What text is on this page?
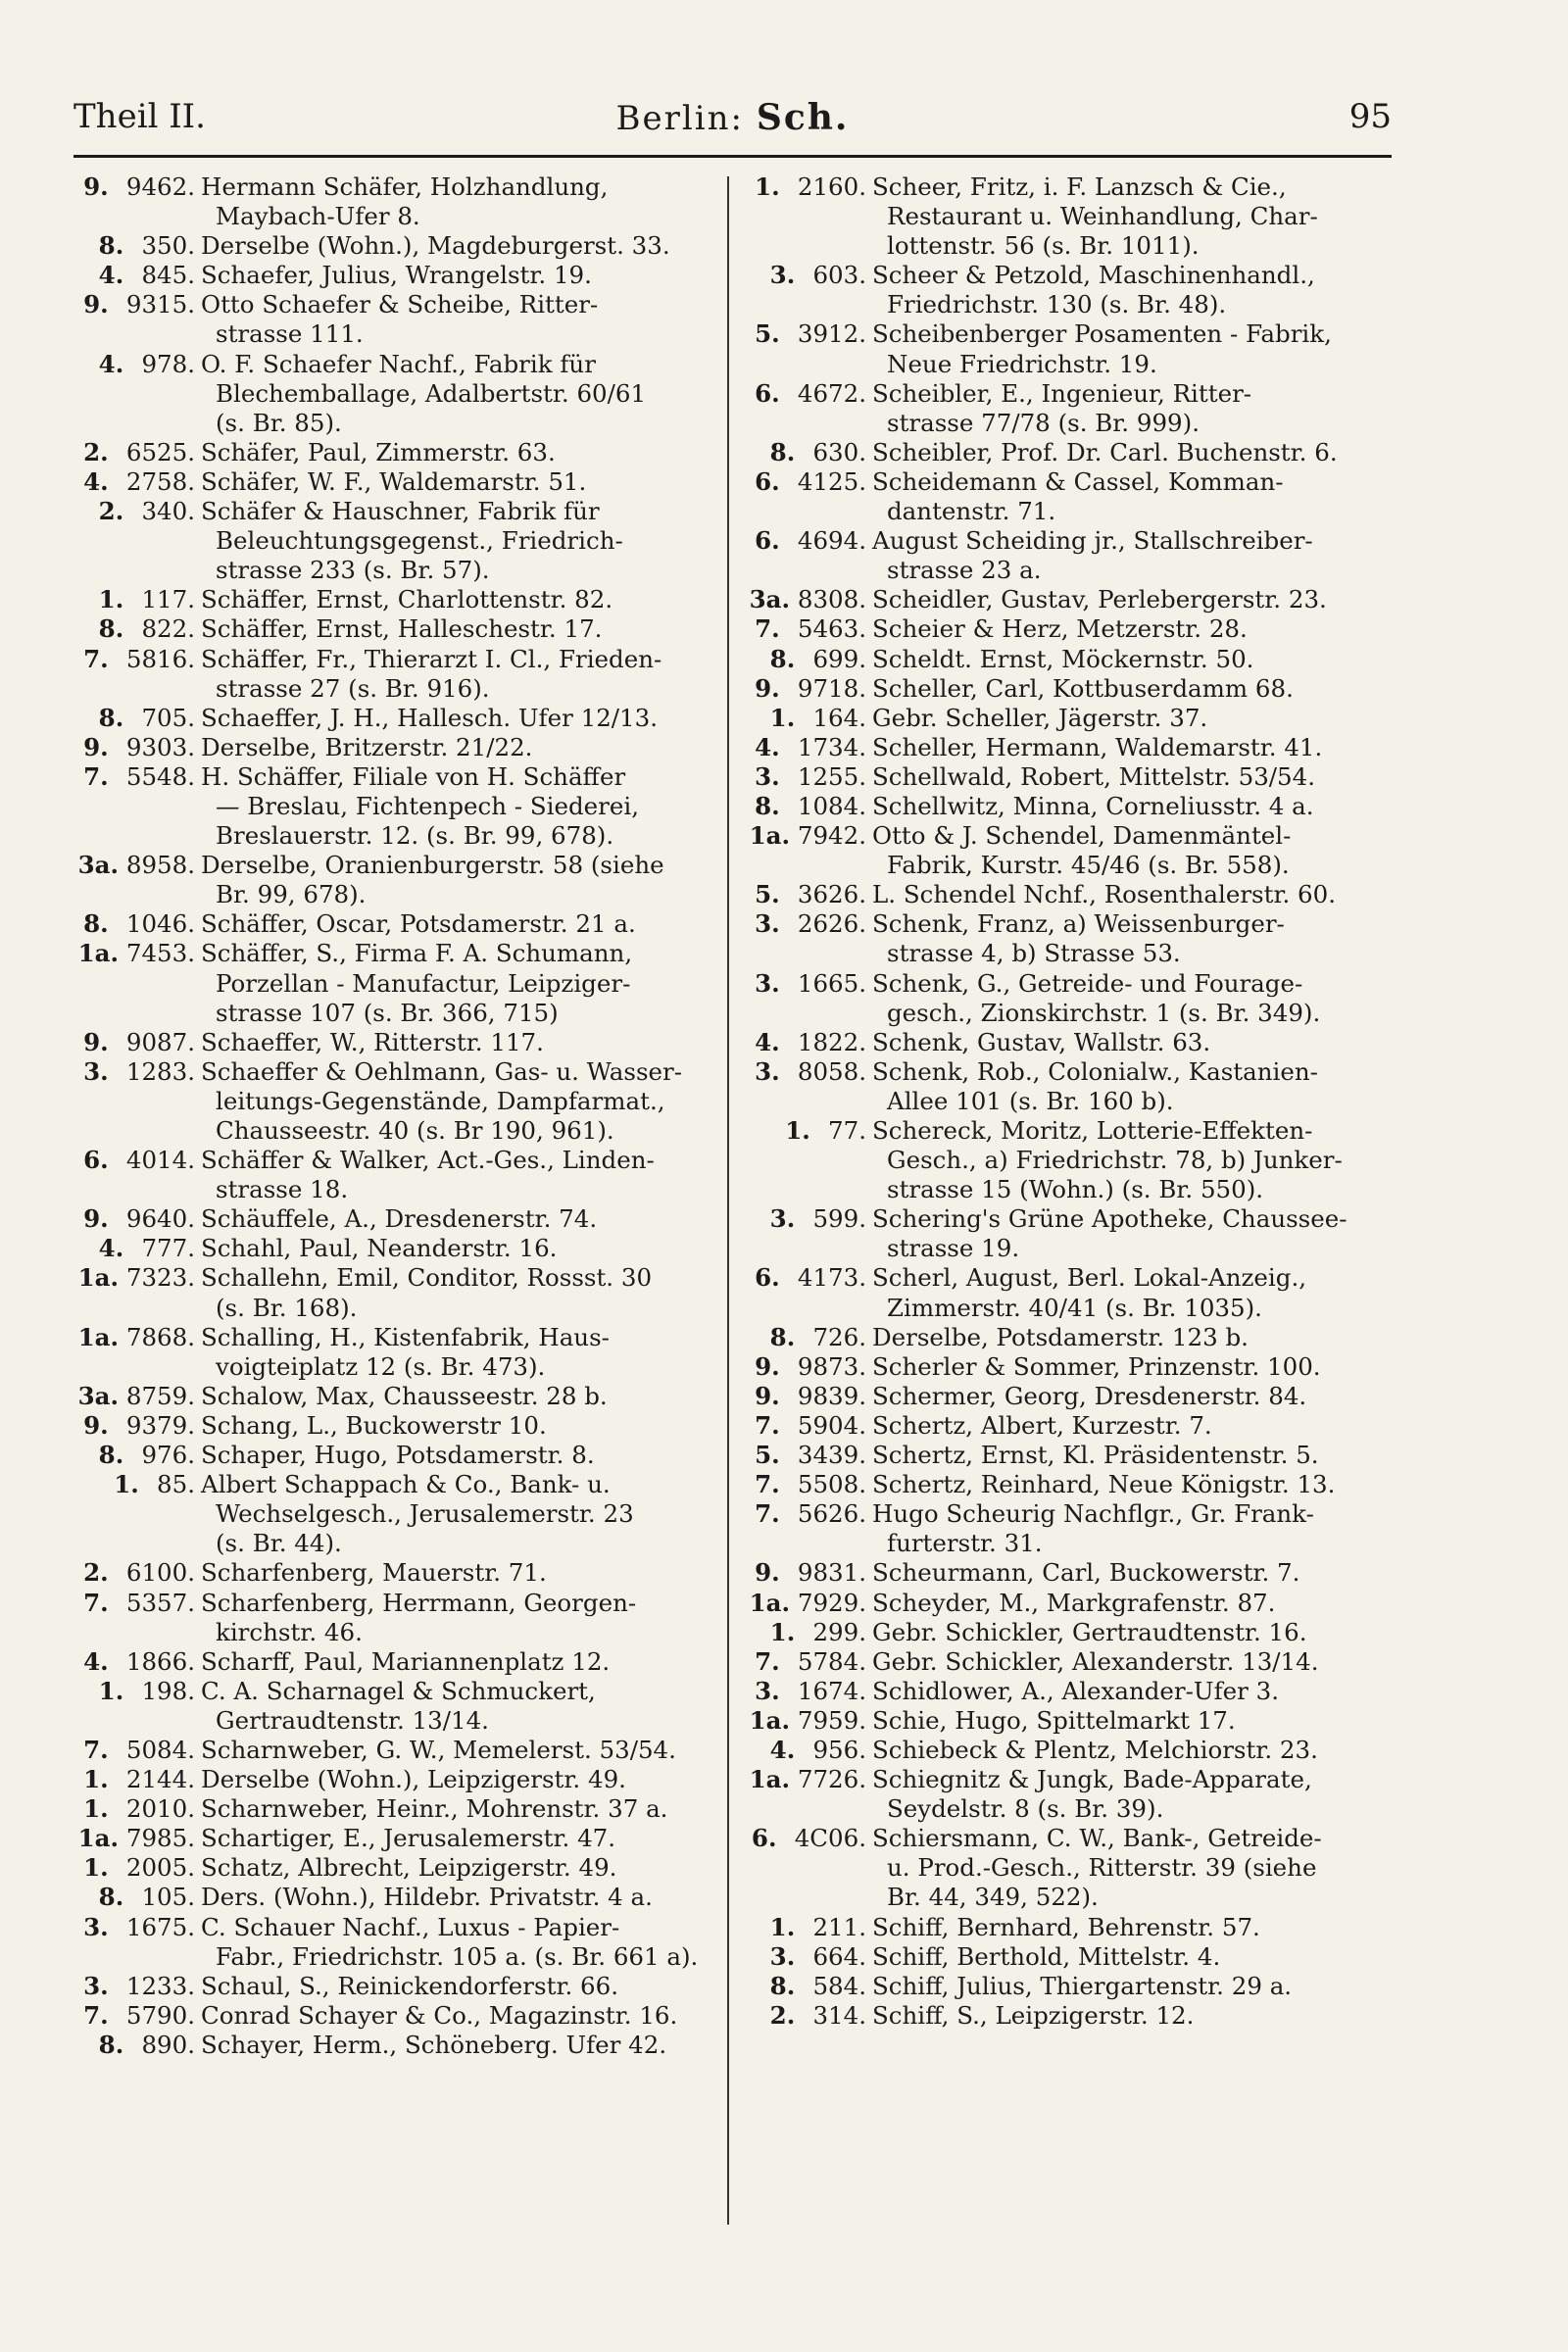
Theil II.	Berlin: Sch.	95
9. 9462. Hermann Schäfer, Holzhandlung,
Maybach-Ufer 8.
8. 350. Derselbe (Wohn.), Magdeburgerst. 33.
4. 845. Schaefer, Julius, Wrangelstr. 19.
9. 9315. Otto Schaefer & Scheibe, Ritter-
strasse 111.
4. 978. O. F. Schaefer Nachf., Fabrik für
Blechemballage, Adalbertstr. 60/61
(s. Br. 85).
2. 6525. Schäfer, Paul, Zimmerstr. 63.
4. 2758. Schäfer, W. F., Waldemarstr. 51.
2. 340. Schäfer & Hauschner, Fabrik für
Beleuchtungsgegenst., Friedrich-
strasse 233 (s. Br. 57).
1. 117. Schäffer, Ernst, Charlottenstr. 82.
8. 822. Schäffer, Ernst, Halleschestr. 17.
7. 5816. Schäffer, Fr., Thierarzt I. Cl., Frieden-
strasse 27 (s. Br. 916).
8. 705. Schaeffer, J. H., Hallesch. Ufer 12/13.
9. 9303. Derselbe, Britzerstr. 21/22.
7. 5548. H. Schäffer, Filiale von H. Schäffer
— Breslau, Fichtenpech - Siederei,
Breslauerstr. 12. (s. Br. 99, 678).
3a. 8958. Derselbe, Oranienburgerstr. 58 (siehe
Br. 99, 678).
8. 1046. Schäffer, Oscar, Potsdamerstr. 21 a.
1a. 7453. Schäffer, S., Firma F. A. Schumann,
Porzellan - Manufactur, Leipziger-
strasse 107 (s. Br. 366, 715)
9. 9087. Schaeffer, W., Ritterstr. 117.
3. 1283. Schaeffer & Oehlmann, Gas- u. Wasser-
leitungs-Gegenstände, Dampfarmat.,
Chausseestr. 40 (s. Br 190, 961).
6. 4014. Schäffer & Walker, Act.-Ges., Linden-
strasse 18.
9. 9640. Schäuffele, A., Dresdenerstr. 74.
4. 777. Schahl, Paul, Neanderstr. 16.
1a. 7323. Schallehn, Emil, Conditor, Rossst. 30
(s. Br. 168).
1a. 7868. Schalling, H., Kistenfabrik, Haus-
voigteiplatz 12 (s. Br. 473).
3a. 8759. Schalow, Max, Chausseestr. 28 b.
9. 9379. Schang, L., Buckowerstr 10.
8. 976. Schaper, Hugo, Potsdamerstr. 8.
1. 85. Albert Schappach & Co., Bank- u.
Wechselgesch., Jerusalemerstr. 23
(s. Br. 44).
2. 6100. Scharfenberg, Mauerstr. 71.
7. 5357. Scharfenberg, Herrmann, Georgen-
kirchstr. 46.
4. 1866. Scharff, Paul, Mariannenplatz 12.
1. 198. C. A. Scharnagel & Schmuckert,
Gertraudtenstr. 13/14.
7. 5084. Scharnweber, G. W., Memelerst. 53/54.
1. 2144. Derselbe (Wohn.), Leipzigerstr. 49.
1. 2010. Scharnweber, Heinr., Mohrenstr. 37 a.
1a. 7985. Schartiger, E., Jerusalemerstr. 47.
1. 2005. Schatz, Albrecht, Leipzigerstr. 49.
8. 105. Ders. (Wohn.), Hildebr. Privatstr. 4 a.
3. 1675. C. Schauer Nachf., Luxus - Papier-
Fabr., Friedrichstr. 105 a. (s. Br. 661 a).
3. 1233. Schaul, S., Reinickendorferstr. 66.
7. 5790. Conrad Schayer & Co., Magazinstr. 16.
8. 890. Schayer, Herm., Schöneberg. Ufer 42.
1. 2160. Scheer, Fritz, i. F. Lanzsch & Cie.,
Restaurant u. Weinhandlung, Char-
lottenstr. 56 (s. Br. 1011).
3. 603. Scheer & Petzold, Maschinenhandl.,
Friedrichstr. 130 (s. Br. 48).
5. 3912. Scheibenberger Posamenten - Fabrik,
Neue Friedrichstr. 19.
6. 4672. Scheibler, E., Ingenieur, Ritter-
strasse 77/78 (s. Br. 999).
8. 630. Scheibler, Prof. Dr. Carl. Buchenstr. 6.
6. 4125. Scheidemann & Cassel, Komman-
dantenstr. 71.
6. 4694. August Scheiding jr., Stallschreiber-
strasse 23 a.
3a. 8308. Scheidler, Gustav, Perlebergerstr. 23.
7. 5463. Scheier & Herz, Metzerstr. 28.
8. 699. Scheldt. Ernst, Möckernstr. 50.
9. 9718. Scheller, Carl, Kottbuserdamm 68.
1. 164. Gebr. Scheller, Jägerstr. 37.
4. 1734. Scheller, Hermann, Waldemarstr. 41.
3. 1255. Schellwald, Robert, Mittelstr. 53/54.
8. 1084. Schellwitz, Minna, Corneliusstr. 4 a.
1a. 7942. Otto & J. Schendel, Damenmäntel-
Fabrik, Kurstr. 45/46 (s. Br. 558).
5. 3626. L. Schendel Nchf., Rosenthalerstr. 60.
3. 2626. Schenk, Franz, a) Weissenburger-
strasse 4, b) Strasse 53.
3. 1665. Schenk, G., Getreide- und Fourage-
gesch., Zionskirchstr. 1 (s. Br. 349).
4. 1822. Schenk, Gustav, Wallstr. 63.
3. 8058. Schenk, Rob., Colonialw., Kastanien-
Allee 101 (s. Br. 160 b).
1. 77. Schereck, Moritz, Lotterie-Effekten-
Gesch., a) Friedrichstr. 78, b) Junker-
strasse 15 (Wohn.) (s. Br. 550).
3. 599. Schering's Grüne Apotheke, Chaussee-
strasse 19.
6. 4173. Scherl, August, Berl. Lokal-Anzeig.,
Zimmerstr. 40/41 (s. Br. 1035).
8. 726. Derselbe, Potsdamerstr. 123 b.
9. 9873. Scherler & Sommer, Prinzenstr. 100.
9. 9839. Schermer, Georg, Dresdenerstr. 84.
7. 5904. Schertz, Albert, Kurzestr. 7.
5. 3439. Schertz, Ernst, Kl. Präsidentenstr. 5.
7. 5508. Schertz, Reinhard, Neue Königstr. 13.
7. 5626. Hugo Scheurig Nachflgr., Gr. Frank-
furterstr. 31.
9. 9831. Scheurmann, Carl, Buckowerstr. 7.
1a. 7929. Scheyder, M., Markgrafenstr. 87.
1. 299. Gebr. Schickler, Gertraudtenstr. 16.
7. 5784. Gebr. Schickler, Alexanderstr. 13/14.
3. 1674. Schidlower, A., Alexander-Ufer 3.
1a. 7959. Schie, Hugo, Spittelmarkt 17.
4. 956. Schiebeck & Plentz, Melchiorstr. 23.
1a. 7726. Schiegnitz & Jungk, Bade-Apparate,
Seydelstr. 8 (s. Br. 39).
6. 4C06. Schiersmann, C. W., Bank-, Getreide-
u. Prod.-Gesch., Ritterstr. 39 (siehe
Br. 44, 349, 522).
1. 211. Schiff, Bernhard, Behrenstr. 57.
3. 664. Schiff, Berthold, Mittelstr. 4.
8. 584. Schiff, Julius, Thiergartenstr. 29 a.
2. 314. Schiff, S., Leipzigerstr. 12.
